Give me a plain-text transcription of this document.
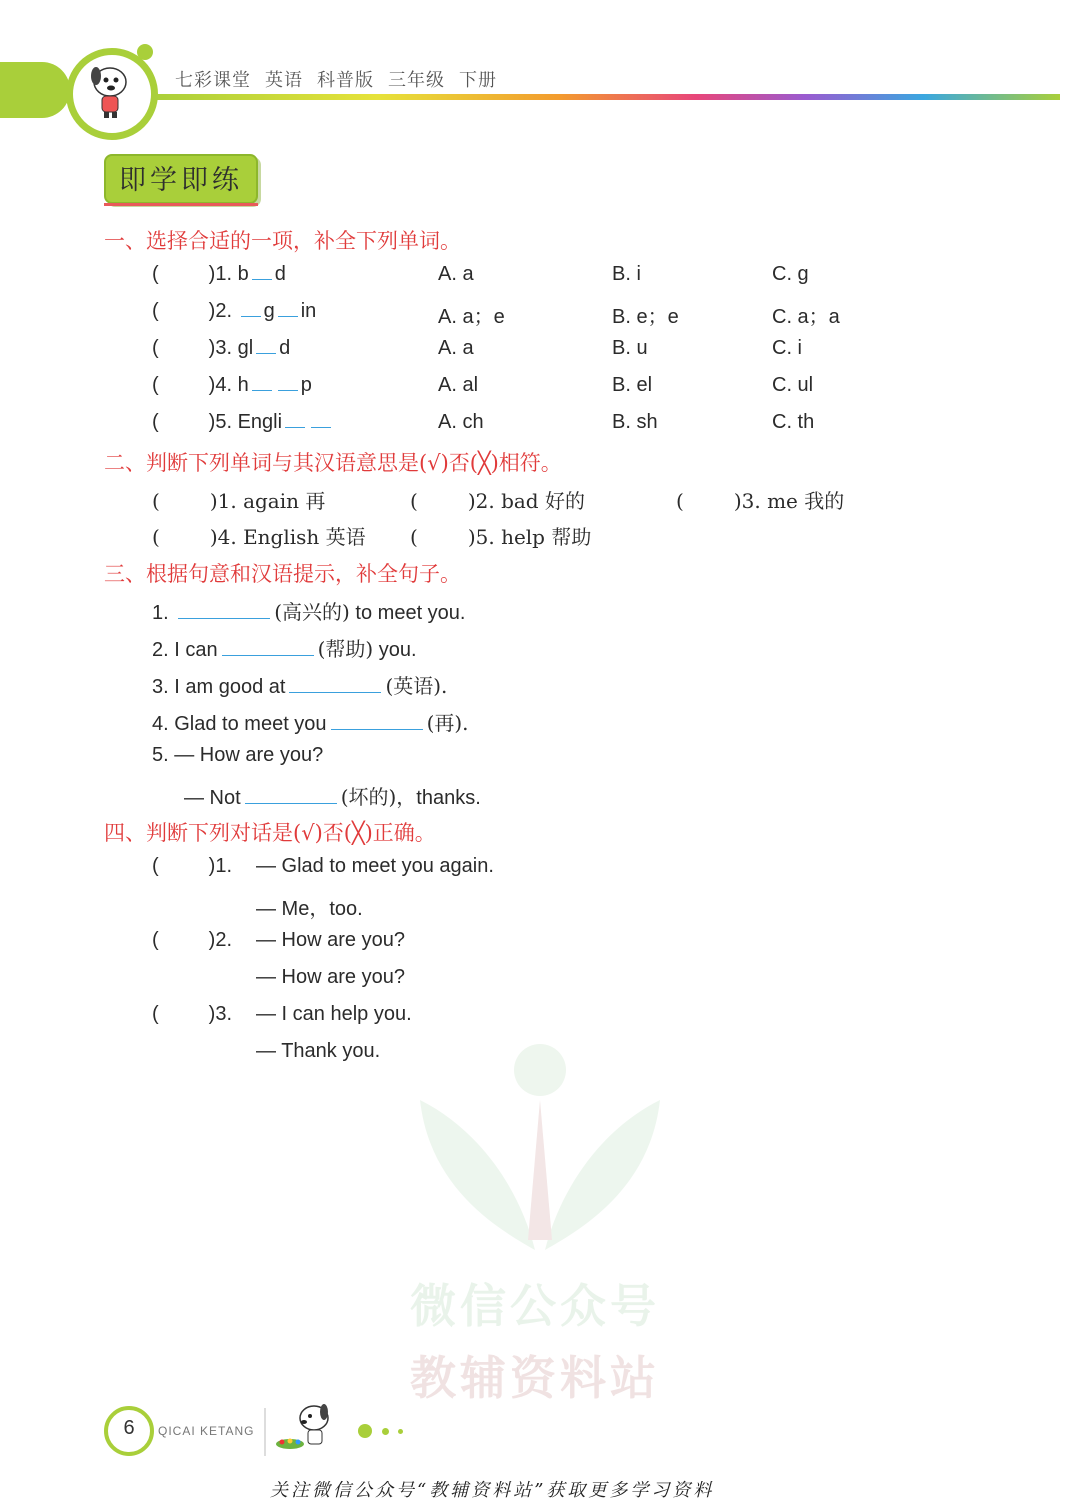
七彩课堂 英语 科普版 三年级 下册
即学即练
一、选择合适的一项，补全下列单词。
(	)1. b d	A. a	B. i	C. g
(	)2. g in	A. a；e	B. e；e	C. a；a
(	)3. gl d	A. a	B. u	C. i
(	)4. h	p	A. al	B. el	C. ul
(	)5. Engli	A. ch	B. sh	C. th
二、判断下列单词与其汉语意思是(√)否(╳)相符。
(	)1. again 再	(	)2. bad 好的	(	)3. me 我的
(	)4. English 英语 (	)5. help 帮助
三、根据句意和汉语提示，补全句子。
1.	(高兴的) to meet you.
2. I can	(帮助) you.
3. I am good at	(英语).
4. Glad to meet you	(再).
5. — How are you?
— Not	(坏的)，thanks.
四、判断下列对话是(√)否(╳)正确。
(	)1. — Glad to meet you again.
— Me，too.
(	)2. — How are you?
— How are you?
(	)3. — I can help you.
— Thank you.
微信公众号
教辅资料站
6	QICAI KETANG
关注微信公众号“教辅资料站”获取更多学习资料
